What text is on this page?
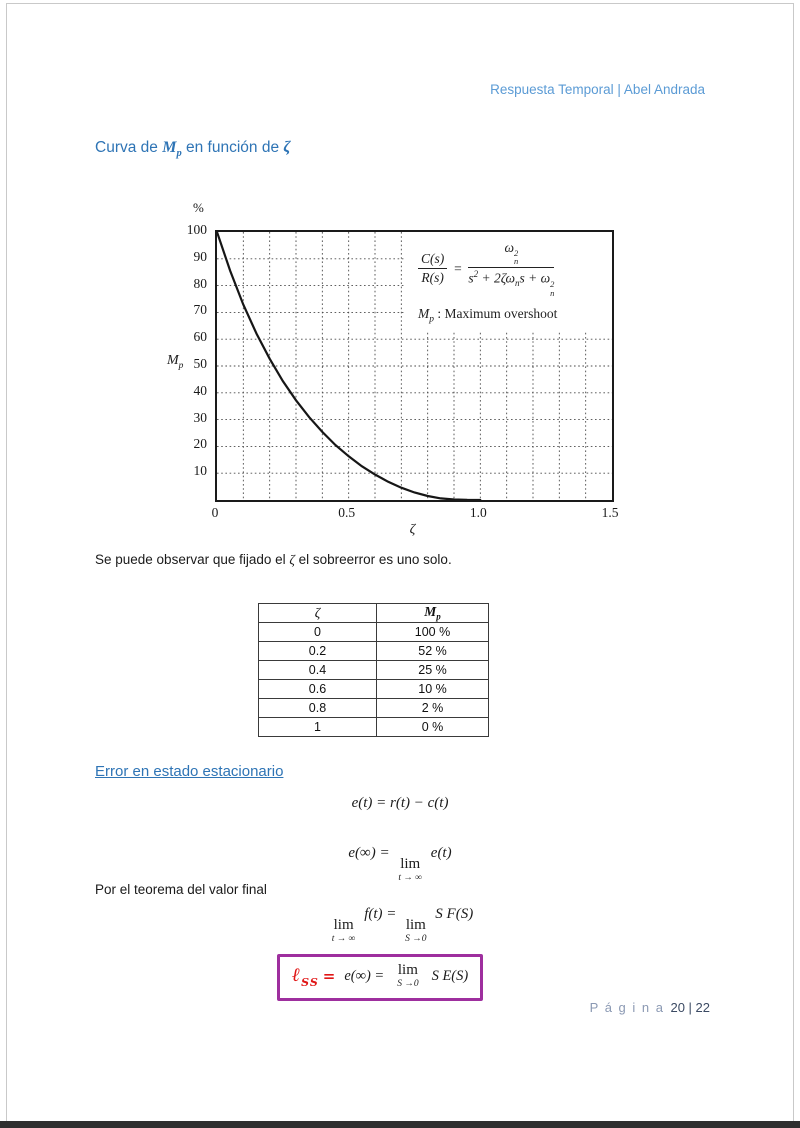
Respuesta Temporal | Abel Andrada
Curva de $M_p$ en función de ζ
%
$M_p$
$\frac{C(s)}{R(s)} = \omega$ 2
n
$s^2 + 2\zeta\omega_ns + \omega$ 2
n
$M_p$ : Maximum overshoot
ζ
0	0.5	1.0	1.5
100
90
80
70
60
50
40
30
20
10
Se puede observar que fijado el ζ el sobreerror es uno solo.
ζ	$M_p$
0	100 %
0.2	52 %
0.4	25 %
0.6	10 %
0.8	2 %
1	0 %
Error en estado estacionario
e(t) = r(t) − c(t)
e(∞) =
lim
t → ∞
e(t)
Por el teorema del valor final
lim
t → ∞
f(t) =
lim
S →0
S F(S)
ℓ$_{SS}$ = e(∞) = lim
S →0
S E(S)
P á g i n a 20 | 22
